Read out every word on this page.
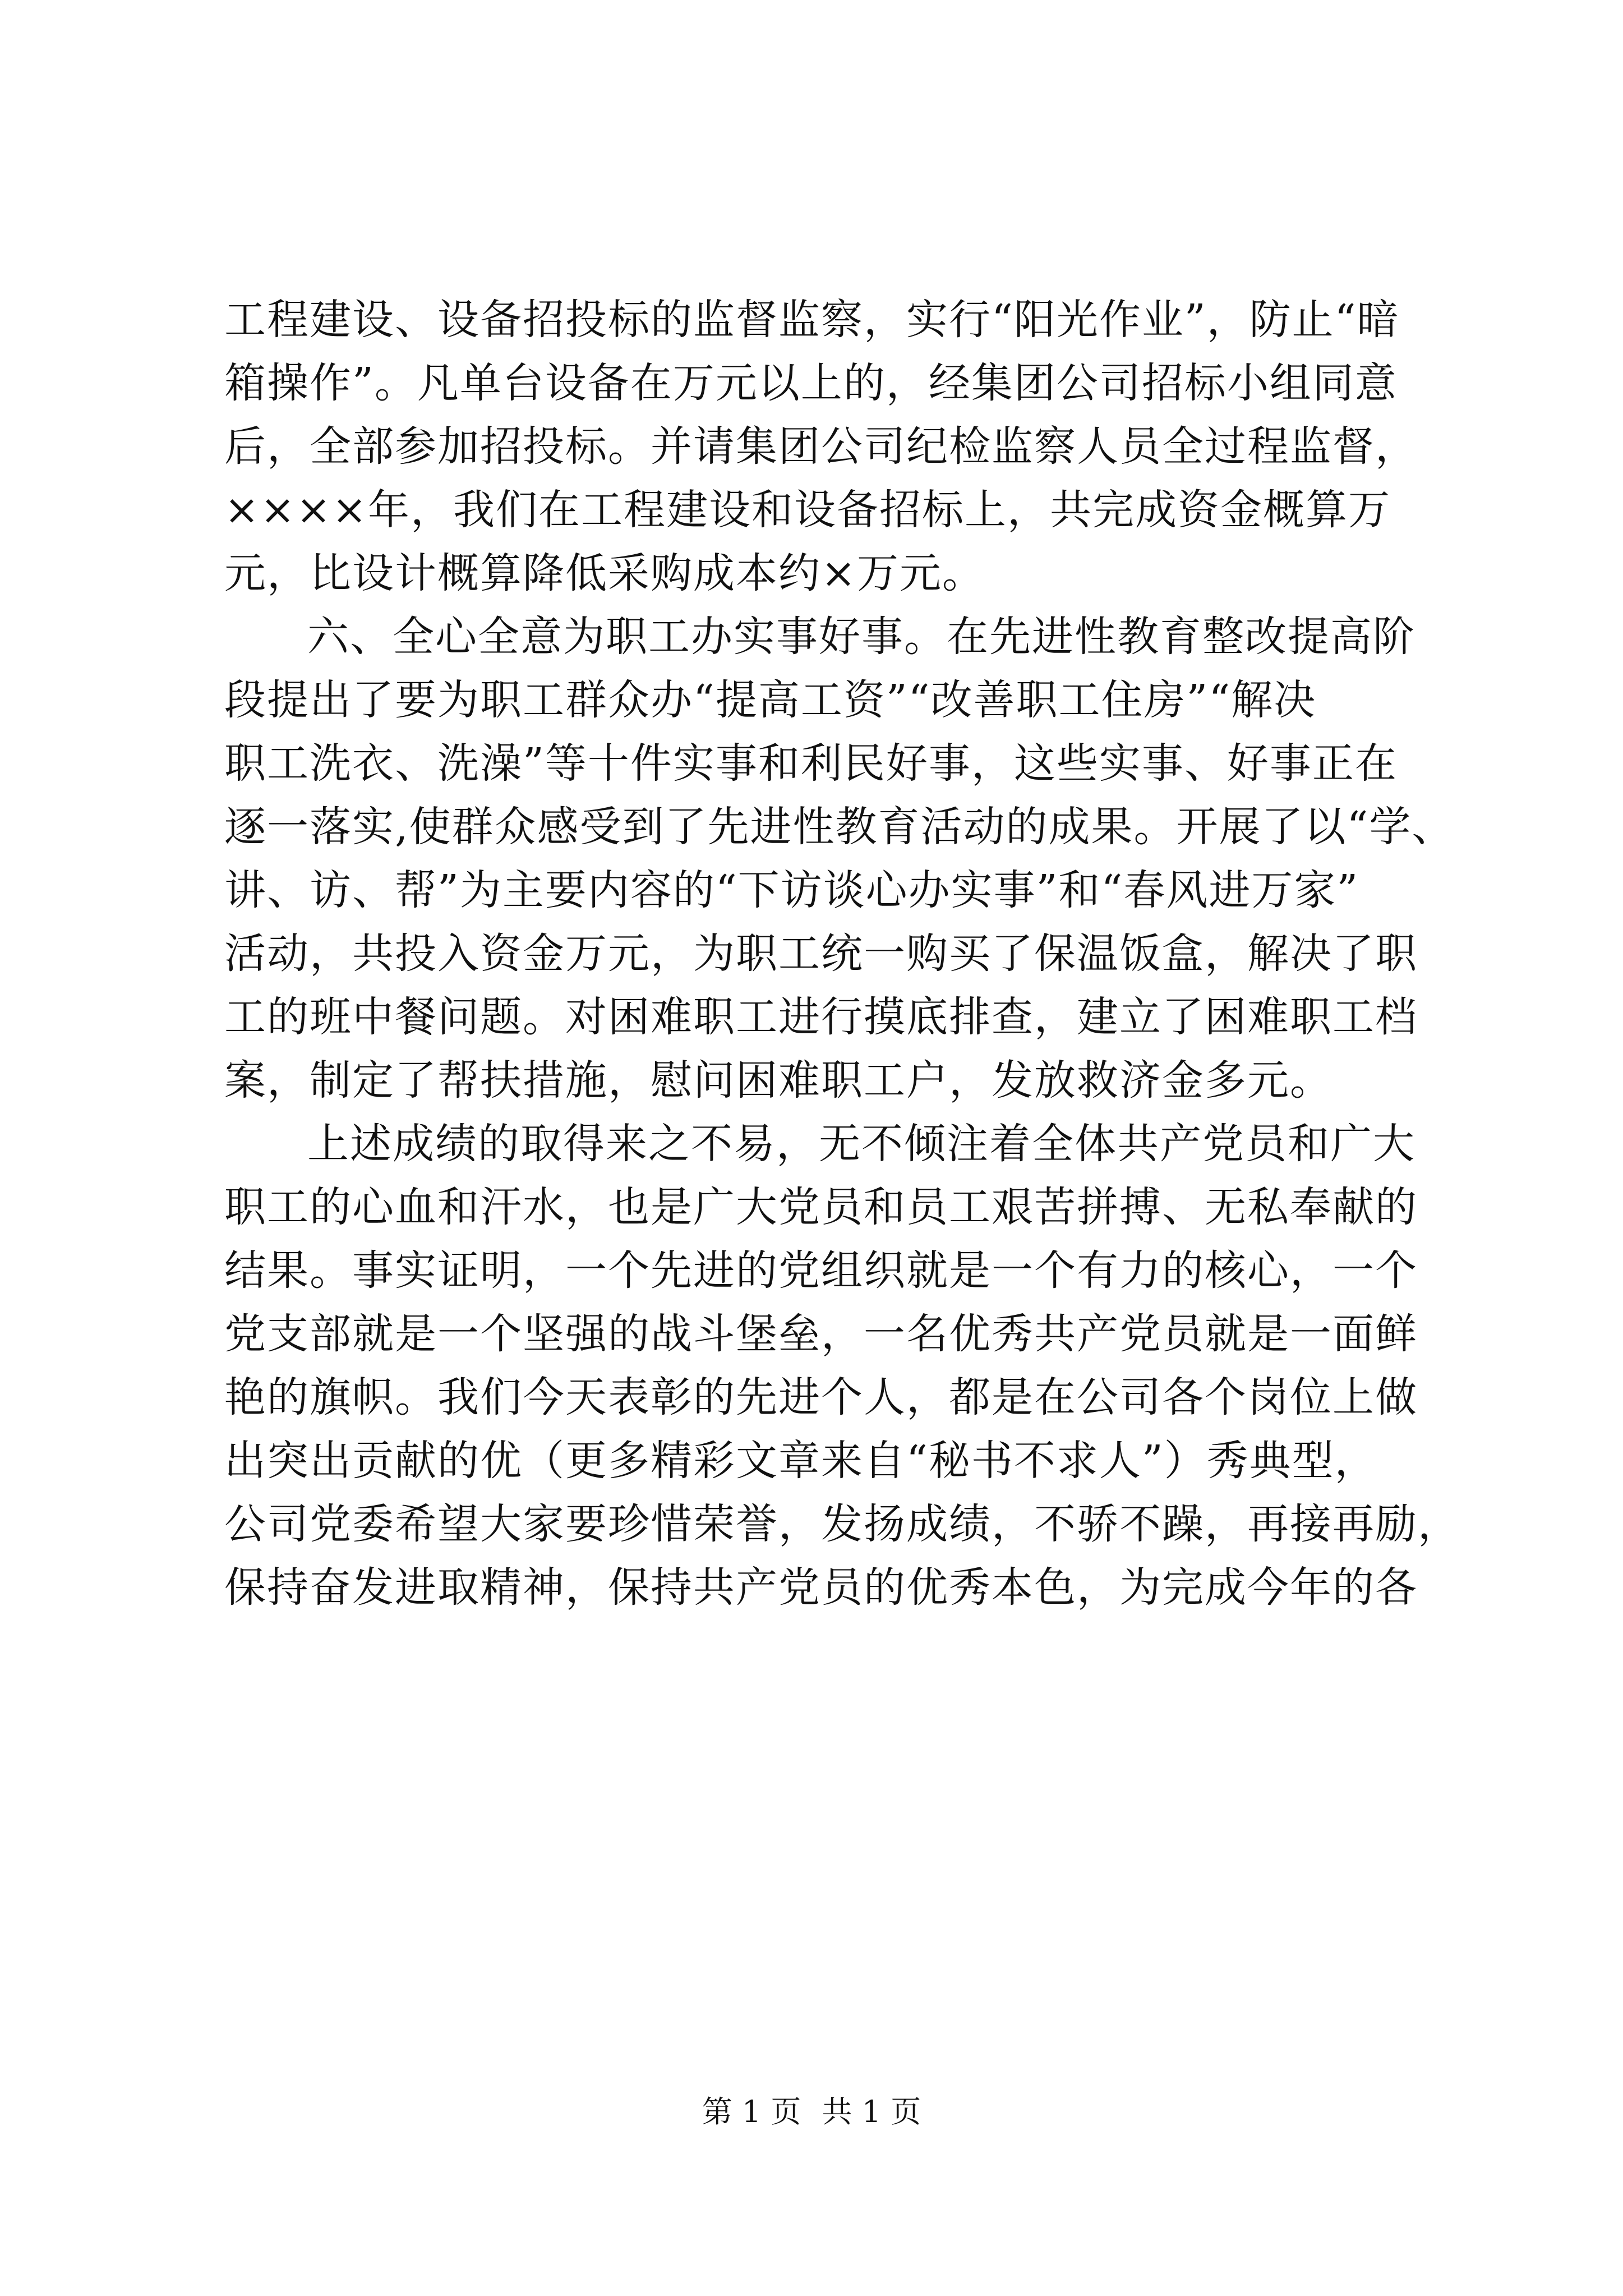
工程建设、设备招投标的监督监察，实行“阳光作业”，防止“暗
箱操作”。凡单台设备在万元以上的，经集团公司招标小组同意
后，全部参加招投标。并请集团公司纪检监察人员全过程监督，
××××年，我们在工程建设和设备招标上，共完成资金概算万
元，比设计概算降低采购成本约×万元。
六、全心全意为职工办实事好事。在先进性教育整改提高阶
段提出了要为职工群众办“提高工资”“改善职工住房”“解决
职工洗衣、洗澡”等十件实事和利民好事，这些实事、好事正在
逐一落实,使群众感受到了先进性教育活动的成果。开展了以“学、
讲、访、帮”为主要内容的“下访谈心办实事”和“春风进万家”
活动，共投入资金万元，为职工统一购买了保温饭盒，解决了职
工的班中餐问题。对困难职工进行摸底排查，建立了困难职工档
案，制定了帮扶措施，慰问困难职工户，发放救济金多元。
上述成绩的取得来之不易，无不倾注着全体共产党员和广大
职工的心血和汗水，也是广大党员和员工艰苦拼搏、无私奉献的
结果。事实证明，一个先进的党组织就是一个有力的核心，一个
党支部就是一个坚强的战斗堡垒，一名优秀共产党员就是一面鲜
艳的旗帜。我们今天表彰的先进个人，都是在公司各个岗位上做
出突出贡献的优（更多精彩文章来自“秘书不求人”）秀典型，
公司党委希望大家要珍惜荣誉，发扬成绩，不骄不躁，再接再励，
保持奋发进取精神，保持共产党员的优秀本色，为完成今年的各
第 1 页 共 1 页
